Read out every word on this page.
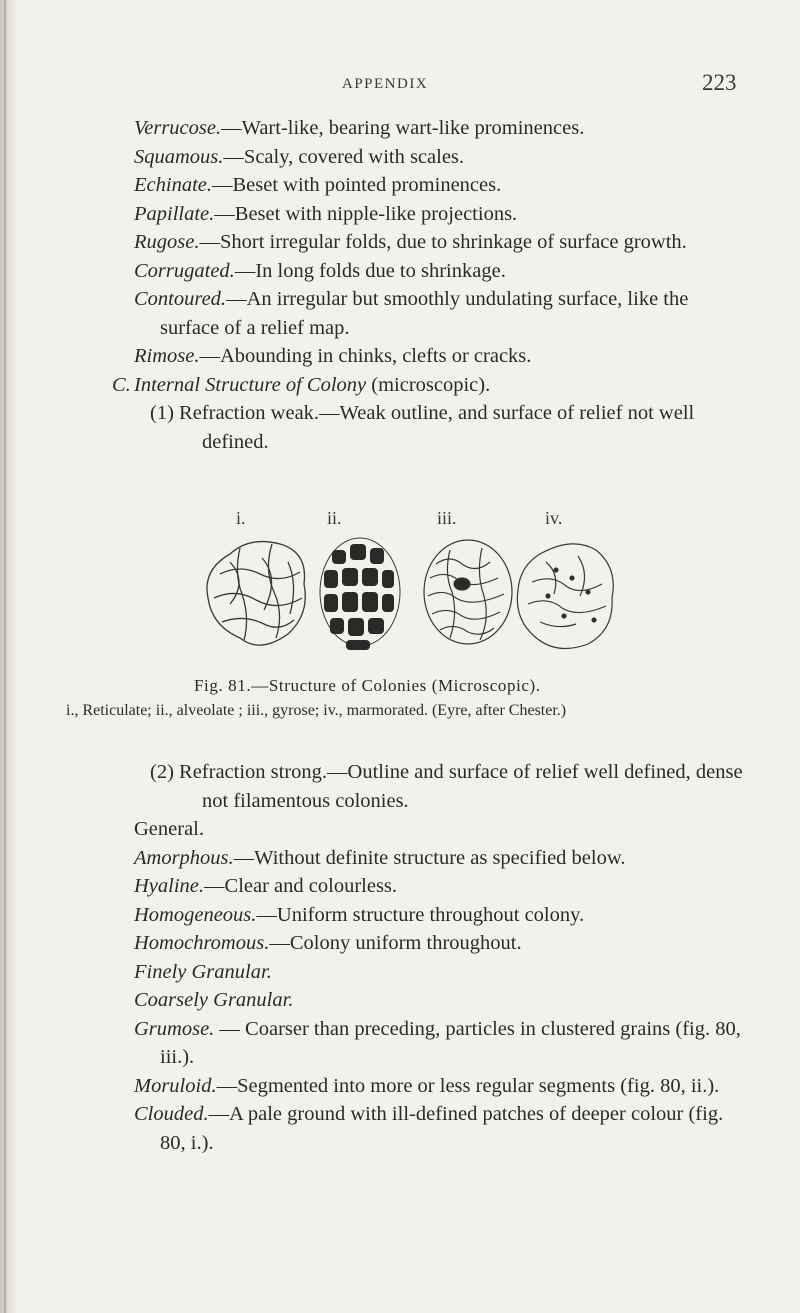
APPENDIX	223

Verrucose.—Wart-like, bearing wart-like prominences.

Squamous.—Scaly, covered with scales.

Echinate.—Beset with pointed prominences.

Papillate.—Beset with nipple-like projections.

Rugose.—Short irregular folds, due to shrinkage of surface growth.

Corrugated.—In long folds due to shrinkage.

Contoured.—An irregular but smoothly undulating surface, like the surface of a relief map.

Rimose.—Abounding in chinks, clefts or cracks.

C. Internal Structure of Colony (microscopic).

(1) Refraction weak.—Weak outline, and surface of relief not well defined.

i.	ii.	iii.	iv.
Fig. 81.—Structure of Colonies (Microscopic).

i., Reticulate; ii., alveolate ; iii., gyrose; iv., marmorated. (Eyre, after Chester.)

(2) Refraction strong.—Outline and surface of relief well defined, dense not filamentous colonies.

General.

Amorphous.—Without definite structure as specified below.

Hyaline.—Clear and colourless.

Homogeneous.—Uniform structure throughout colony.

Homochromous.—Colony uniform throughout.

Finely Granular.

Coarsely Granular.

Grumose. — Coarser than preceding, particles in clustered grains (fig. 80, iii.).

Moruloid.—Segmented into more or less regular segments (fig. 80, ii.).

Clouded.—A pale ground with ill-defined patches of deeper colour (fig. 80, i.).
